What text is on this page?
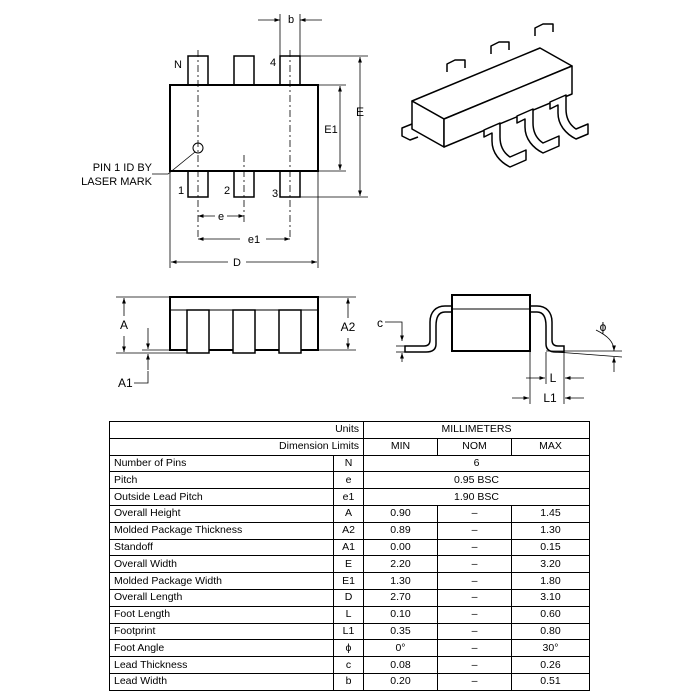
N	4
1	2	3
b
E1
E
e
e1
D
PIN 1 ID BY
LASER MARK
A	A2
A1
c	ϕ
L
L1
Units		MILLIMETERS		
Dimension Limits		MIN	NOM	MAX
Number of Pins	N	6		
Pitch	e	0.95 BSC		
Outside Lead Pitch	e1	1.90 BSC		
Overall Height	A	0.90	–	1.45
Molded Package Thickness	A2	0.89	–	1.30
Standoff	A1	0.00	–	0.15
Overall Width	E	2.20	–	3.20
Molded Package Width	E1	1.30	–	1.80
Overall Length	D	2.70	–	3.10
Foot Length	L	0.10	–	0.60
Footprint	L1	0.35	–	0.80
Foot Angle	ϕ	0°	–	30°
Lead Thickness	c	0.08	–	0.26
Lead Width	b	0.20	–	0.51
